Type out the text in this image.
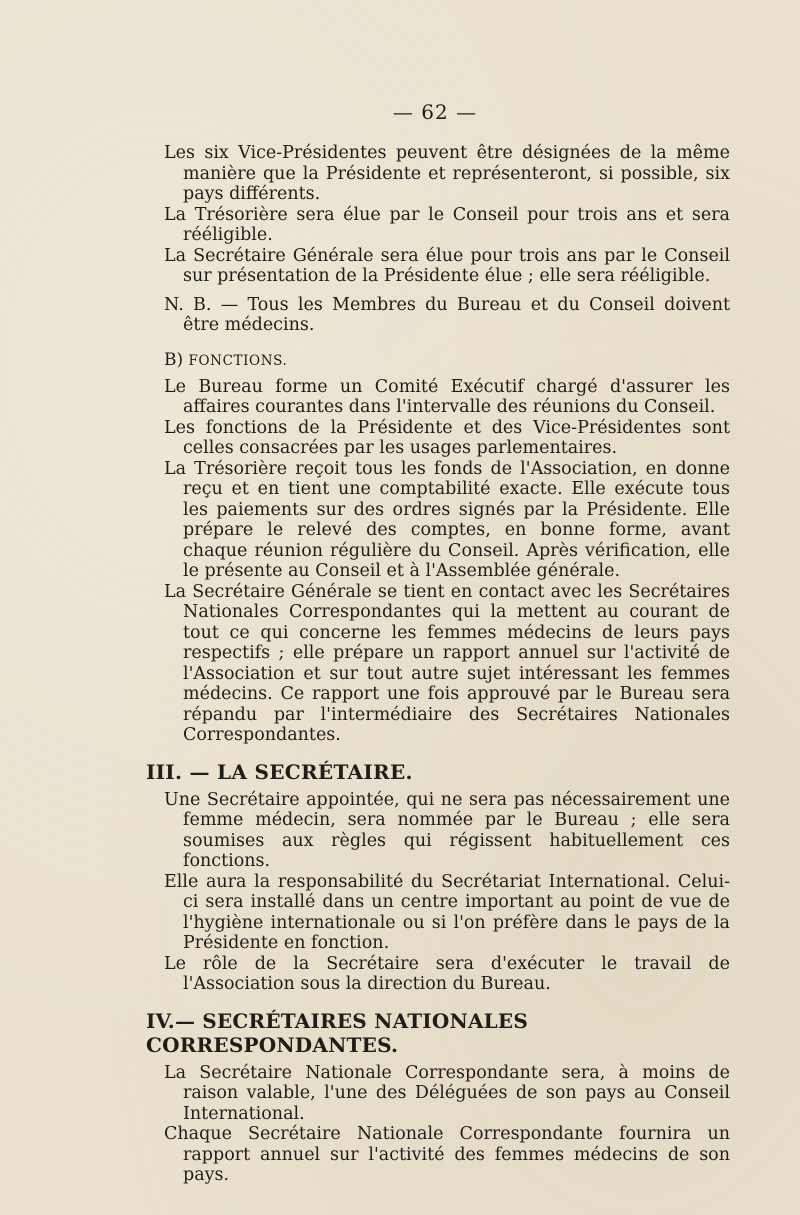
— 62 —

Les six Vice-Présidentes peuvent être désignées de la même manière que la Présidente et représenteront, si possible, six pays différents.

La Trésorière sera élue par le Conseil pour trois ans et sera rééligible.

La Secrétaire Générale sera élue pour trois ans par le Conseil sur présentation de la Présidente élue ; elle sera rééligible.

N. B. — Tous les Membres du Bureau et du Conseil doivent être médecins.

B) FONCTIONS.

Le Bureau forme un Comité Exécutif chargé d'assurer les affaires courantes dans l'intervalle des réunions du Conseil.

Les fonctions de la Présidente et des Vice-Présidentes sont celles consacrées par les usages parlementaires.

La Trésorière reçoit tous les fonds de l'Association, en donne reçu et en tient une comptabilité exacte. Elle exécute tous les paiements sur des ordres signés par la Présidente. Elle prépare le relevé des comptes, en bonne forme, avant chaque réunion régulière du Conseil. Après vérification, elle le présente au Conseil et à l'Assemblée générale.

La Secrétaire Générale se tient en contact avec les Secrétaires Nationales Correspondantes qui la mettent au courant de tout ce qui concerne les femmes médecins de leurs pays respectifs ; elle prépare un rapport annuel sur l'activité de l'Association et sur tout autre sujet intéressant les femmes médecins. Ce rapport une fois approuvé par le Bureau sera répandu par l'intermédiaire des Secrétaires Nationales Correspondantes.

III. — LA SECRÉTAIRE.

Une Secrétaire appointée, qui ne sera pas nécessairement une femme médecin, sera nommée par le Bureau ; elle sera soumises aux règles qui régissent habituellement ces fonctions.

Elle aura la responsabilité du Secrétariat International. Celui-ci sera installé dans un centre important au point de vue de l'hygiène internationale ou si l'on préfère dans le pays de la Présidente en fonction.

Le rôle de la Secrétaire sera d'exécuter le travail de l'Association sous la direction du Bureau.

IV.— SECRÉTAIRES NATIONALES CORRESPONDANTES.

La Secrétaire Nationale Correspondante sera, à moins de raison valable, l'une des Déléguées de son pays au Conseil International.

Chaque Secrétaire Nationale Correspondante fournira un rapport annuel sur l'activité des femmes médecins de son pays.
